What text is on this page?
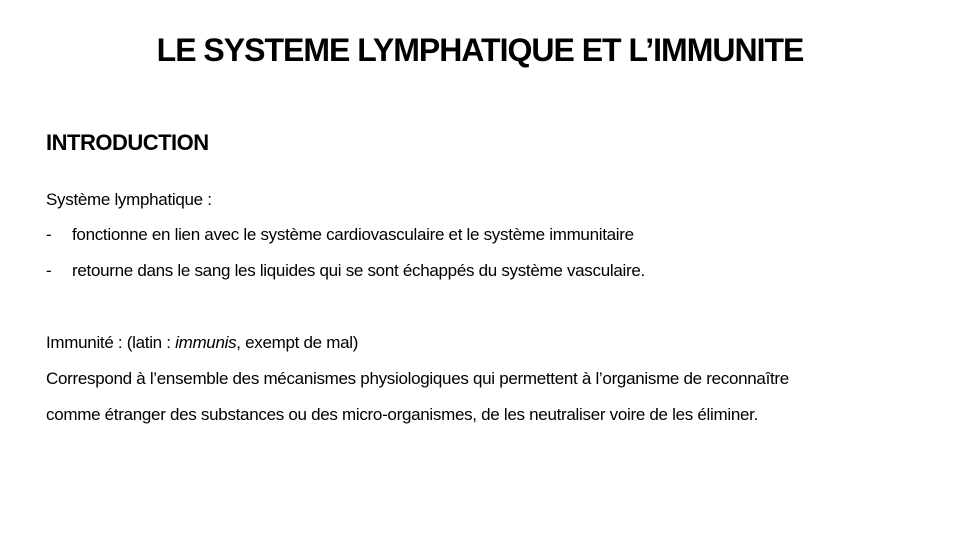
LE SYSTEME LYMPHATIQUE ET L’IMMUNITE
INTRODUCTION
Système lymphatique :
- fonctionne en lien avec le système cardiovasculaire et le système immunitaire
- retourne dans le sang les liquides qui se sont échappés du système vasculaire.
Immunité : (latin : immunis, exempt de mal)
Correspond à l’ensemble des mécanismes physiologiques qui permettent à l’organisme de reconnaître
comme étranger des substances ou des micro-organismes, de les neutraliser voire de les éliminer.
